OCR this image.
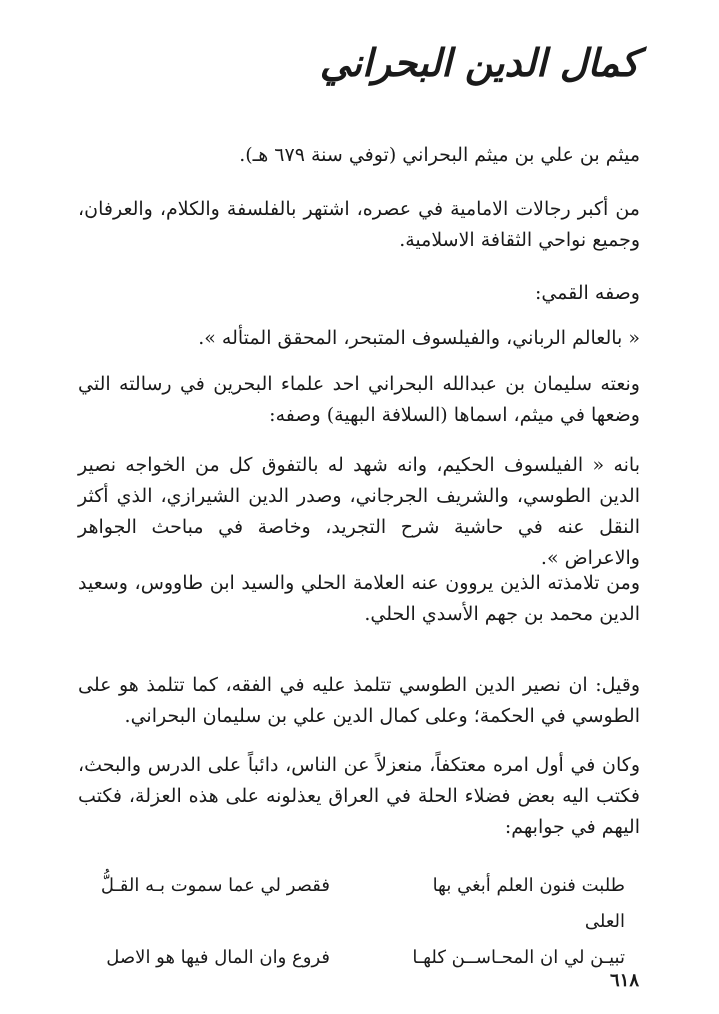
كمال الدين البحراني
ميثم بن علي بن ميثم البحراني (توفي سنة ٦٧٩ هـ).
من أكبر رجالات الامامية في عصره، اشتهر بالفلسفة والكلام، والعرفان، وجميع نواحي الثقافة الاسلامية.
وصفه القمي:
« بالعالم الرباني، والفيلسوف المتبحر، المحقق المتأله ».
ونعته سليمان بن عبدالله البحراني احد علماء البحرين في رسالته التي وضعها في ميثم، اسماها (السلافة البهية) وصفه:
بانه « الفيلسوف الحكيم، وانه شهد له بالتفوق كل من الخواجه نصير الدين الطوسي، والشريف الجرجاني، وصدر الدين الشيرازي، الذي أكثر النقل عنه في حاشية شرح التجريد، وخاصة في مباحث الجواهر والاعراض ».
ومن تلامذته الذين يروون عنه العلامة الحلي والسيد ابن طاووس، وسعيد الدين محمد بن جهم الأسدي الحلي.
وقيل: ان نصير الدين الطوسي تتلمذ عليه في الفقه، كما تتلمذ هو على الطوسي في الحكمة؛ وعلى كمال الدين علي بن سليمان البحراني.
وكان في أول امره معتكفاً، منعزلاً عن الناس، دائباً على الدرس والبحث، فكتب اليه بعض فضلاء الحلة في العراق يعذلونه على هذه العزلة، فكتب اليهم في جوابهم:
طلبت فنون العلم أبغي بها العلى
فقصر لي عما سموت بـه القـلُّ
تبيـن لي ان المحـاســن كلهـا
فروع وان المال فيها هو الاصل
٦١٨
